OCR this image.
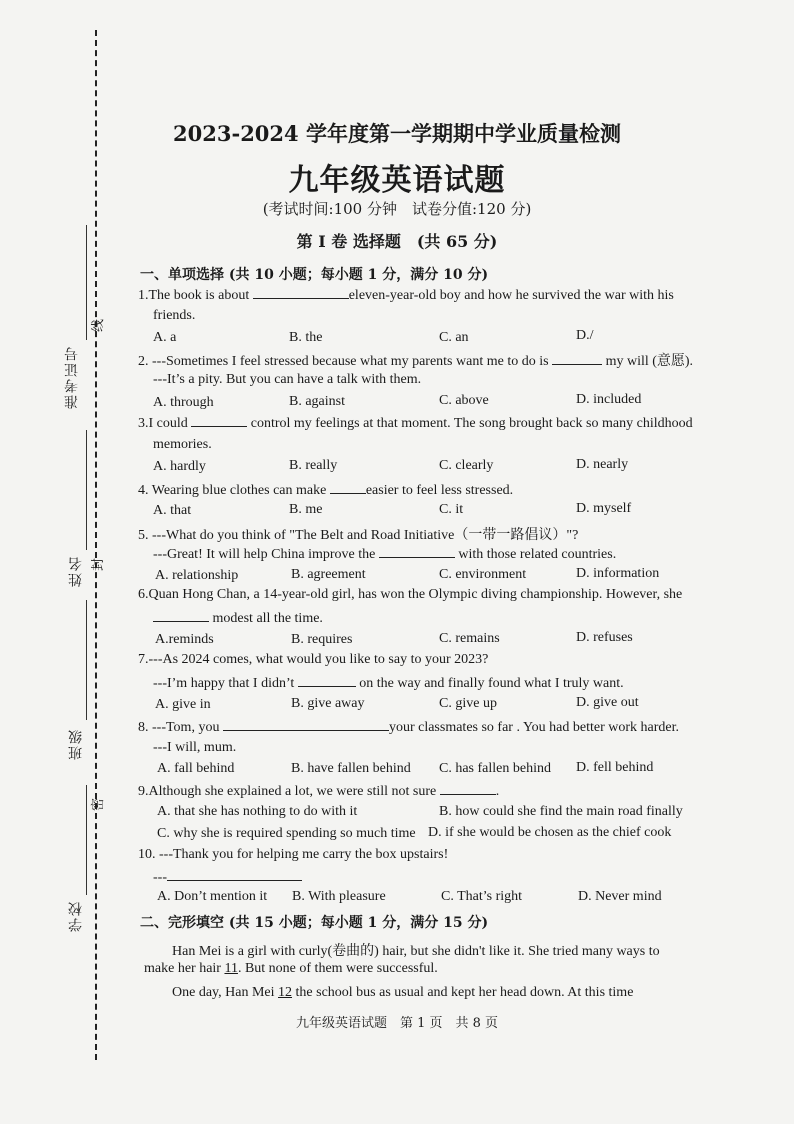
准考证号
姓名
班级
学校
线
封
密
2023-2024 学年度第一学期期中学业质量检测
九年级英语试题
(考试时间:100 分钟　试卷分值:120 分)
第 I 卷 选择题　(共 65 分)
一、单项选择 (共 10 小题；每小题 1 分，满分 10 分)
1.The book is about	eleven-year-old boy and how he survived the war with his
friends.
A. a	B. the	C. an	D./
2. ---Sometimes I feel stressed because what my parents want me to do is	my will (意愿).
---It’s a pity. But you can have a talk with them.
A. through	B. against	C. above	D. included
3.I could	control my feelings at that moment. The song brought back so many childhood
memories.
A. hardly	B. really	C. clearly	D. nearly
4. Wearing blue clothes can make	easier to feel less stressed.
A. that	B. me	C. it	D. myself
5. ---What do you think of "The Belt and Road Initiative（一带一路倡议）"?
---Great! It will help China improve the	with those related countries.
A. relationship	B. agreement	C. environment	D. information
6.Quan Hong Chan, a 14-year-old girl, has won the Olympic diving championship. However, she
modest all the time.
A.reminds	B. requires	C. remains	D. refuses
7.---As 2024 comes, what would you like to say to your 2023?
---I’m happy that I didn’t	on the way and finally found what I truly want.
A. give in	B. give away	C. give up	D. give out
8. ---Tom, you	your classmates so far . You had better work harder.
---I will, mum.
A. fall behind	B. have fallen behind C. has fallen behind D. fell behind
9.Although she explained a lot, we were still not sure	.
A. that she has nothing to do with it	B. how could she find the main road finally
C. why she is required spending so much time D. if she would be chosen as the chief cook
10. ---Thank you for helping me carry the box upstairs!
---
A. Don’t mention it B. With pleasure	C. That’s right	D. Never mind
二、完形填空 (共 15 小题；每小题 1 分，满分 15 分)
Han Mei is a girl with curly(卷曲的) hair, but she didn't like it. She tried many ways to
make her hair 11. But none of them were successful.
One day, Han Mei 12 the school bus as usual and kept her head down. At this time
九年级英语试题　第 1 页　共 8 页
